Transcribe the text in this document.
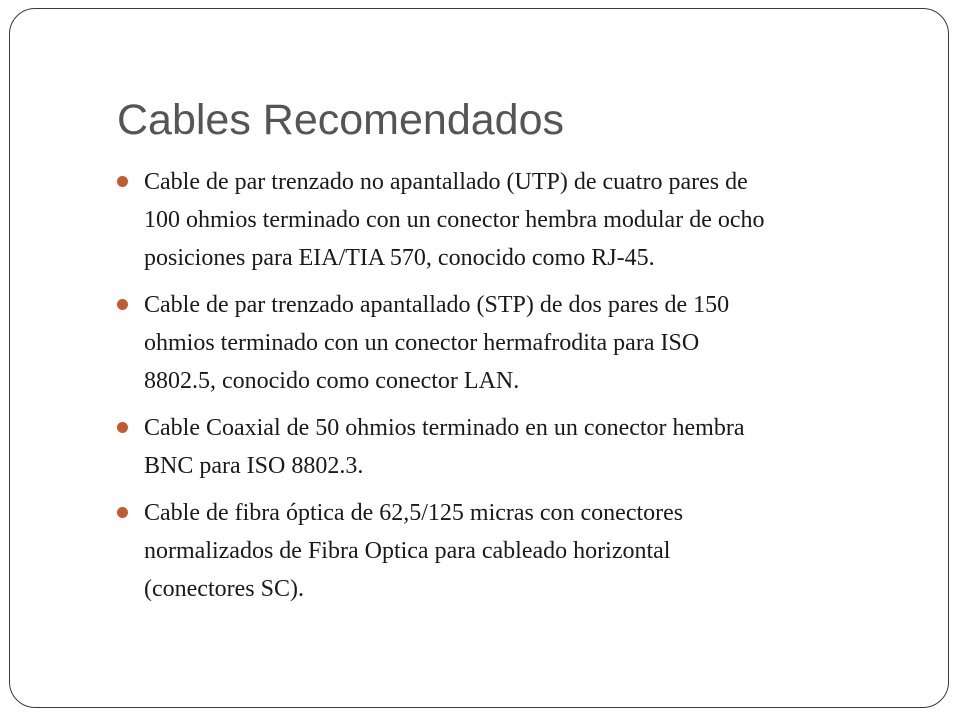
Cables Recomendados
Cable de par trenzado no apantallado (UTP) de cuatro pares de
100 ohmios terminado con un conector hembra modular de ocho
posiciones para EIA/TIA 570, conocido como RJ-45.
Cable de par trenzado apantallado (STP) de dos pares de 150
ohmios terminado con un conector hermafrodita para ISO
8802.5, conocido como conector LAN.
Cable Coaxial de 50 ohmios terminado en un conector hembra
BNC para ISO 8802.3.
Cable de fibra óptica de 62,5/125 micras con conectores
normalizados de Fibra Optica para cableado horizontal
(conectores SC).
